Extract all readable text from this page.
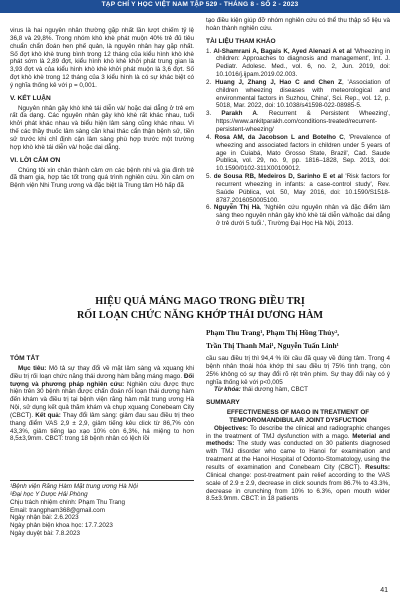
TẠP CHÍ Y HỌC VIỆT NAM TẬP 529 - THÁNG 8 - SỐ 2 - 2023

virus là hai nguyên nhân thường gặp nhất lần lượt chiếm tỷ lệ 36,8 và 29,8%. Trong nhóm khò khè phát muộn 40% trẻ đủ tiêu chuẩn chẩn đoán hen phế quản, là nguyên nhân hay gặp nhất. Số đợt khò khè trung bình trong 12 tháng của kiểu hình khò khè phát sớm là 2,89 đợt, kiểu hình khò khè khởi phát trung gian là 3,93 đợt và của kiểu hình khò khè khởi phát muộn là 3,6 đợt. Số đợt khò khè trong 12 tháng của 3 kiểu hình là có sự khác biệt có ý nghĩa thống kê với p = 0,001.

V. KẾT LUẬN

Nguyên nhân gây khò khè tái diễn và/ hoặc dai dẳng ở trẻ em rất đa dạng. Các nguyên nhân gây khò khè rất khác nhau, tuổi khởi phát khác nhau và biểu hiện lâm sàng cũng khác nhau. Vì thế các thầy thuốc lâm sàng cần khai thác cẩn thận bệnh sử, tiền sử trước khi chỉ định cận lâm sàng phù hợp trước một trường hợp khò khè tái diễn và/ hoặc dai dẳng.

VI. LỜI CẢM ƠN

Chúng tôi xin chân thành cảm ơn các bệnh nhi và gia đình trẻ đã tham gia, hợp tác tốt trong quá trình nghiên cứu. Xin cảm ơn Bệnh viện Nhi Trung ương và đặc biệt là Trung tâm Hô hấp đã

tạo điều kiện giúp đỡ nhóm nghiên cứu có thể thu thập số liệu và hoàn thành nghiên cứu.

TÀI LIỆU THAM KHẢO

1. Al-Shamrani A, Bagais K, Ayed Alenazi A et al 'Wheezing in children: Approaches to diagnosis and management', Int. J. Pediatr. Adolesc. Med., vol. 6, no. 2, Jun. 2019, doi: 10.1016/j.ijpam.2019.02.003.

2. Huang J, Zhang J, Hao C and Chen Z, 'Association of children wheezing diseases with meteorological and environmental factors in Suzhou, China', Sci. Rep., vol. 12, p. 5018, Mar. 2022, doi: 10.1038/s41598-022-08985-5.

3. Parakh A. Recurrent & Persistent Wheezing', https://www.ankitparakh.com/conditions-treated/recurrent-persistent-wheezing/

4. Rosa AM, da Jacobson L and Botelho C, 'Prevalence of wheezing and associated factors in children under 5 years of age in Cuiabá, Mato Grosso State, Brazil', Cad. Saude Publica, vol. 29, no. 9, pp. 1816–1828, Sep. 2013, doi: 10.1590/0102-311X00109012.

5. de Sousa RB, Medeiros D, Sarinho E et al 'Risk factors for recurrent wheezing in infants: a case-control study', Rev. Saúde Pública, vol. 50, May 2016, doi: 10.1590/S1518-8787.2016050005100.

6. Nguyễn Thị Hà, 'Nghiên cứu nguyên nhân và đặc điểm lâm sàng theo nguyên nhân gây khò khè tái diễn và/hoặc dai dẳng ở trẻ dưới 5 tuổi.', Trường Đại Học Hà Nội, 2013.

HIỆU QUẢ MÁNG MAGO TRONG ĐIỀU TRỊ
RỐI LOẠN CHỨC NĂNG KHỚP THÁI DƯƠNG HÀM
Phạm Thu Trang¹, Phạm Thị Hồng Thủy²,
Trần Thị Thanh Mai¹, Nguyễn Tuấn Linh¹

TÓM TẮT

Mục tiêu: Mô tả sự thay đổi về mặt lâm sàng và xquang khi điều trị rối loạn chức năng thái dương hàm bằng máng mago. Đối tượng và phương pháp nghiên cứu: Nghiên cứu được thực hiện trên 30 bệnh nhân được chẩn đoán rối loạn thái dương hàm đến khám và điều trị tại bệnh viện răng hàm mặt trung ương Hà Nội, sử dụng kết quả thăm khám và chụp xquang Conebeam City (CBCT). Kết quả: Thay đổi lâm sàng: giảm đau sau điều trị theo thang điểm VAS 2,9 ± 2,9, giảm tiếng kêu click từ 86,7% còn 43,3%, giảm tiếng lạo xạo 10% còn 6,3%, há miệng to hơn 8,5±3,9mm. CBCT: trong 18 bệnh nhân có lệch lồi

¹Bệnh viện Răng Hàm Mặt trung ương Hà Nội

²Đại học Y Dược Hải Phòng

Chịu trách nhiệm chính: Phạm Thu Trang

Email: trangpham368@gmail.com

Ngày nhận bài: 2.6.2023

Ngày phản biện khoa học: 17.7.2023

Ngày duyệt bài: 7.8.2023

cầu sau điều trị thì 94,4 % lồi cầu đã quay về đúng tâm. Trong 4 bệnh nhân thoái hóa khớp thì sau điều trị 75% tình trạng, còn 25% không có sự thay đổi rõ rệt trên phim. Sự thay đổi này có ý nghĩa thống kê với p<0,005

Từ khóa: thái dương hàm, CBCT

SUMMARY

EFFECTIVENESS OF MAGO IN TREATMENT OF TEMPOROMANDIBULAR JOINT DYSFUCTION

Objectives: To describe the clinical and radiographic changes in the treatment of TMJ dysfunction with a mago. Meterial and methods: The study was conducted on 30 patients diagnosed with TMJ disorder who came to Hanoi for examination and treatment at the Hanoi Hospital of Odonto-Stomatology, using the results of examination and Conebeam City (CBCT). Results: Clinical change: post-treatment pain relief according to the VAS scale of 2.9 ± 2.9, decrease in click sounds from 86.7% to 43.3%, decrease in crunching from 10% to 6.3%, open mouth wider 8.5±3.9mm. CBCT: in 18 patients

41
